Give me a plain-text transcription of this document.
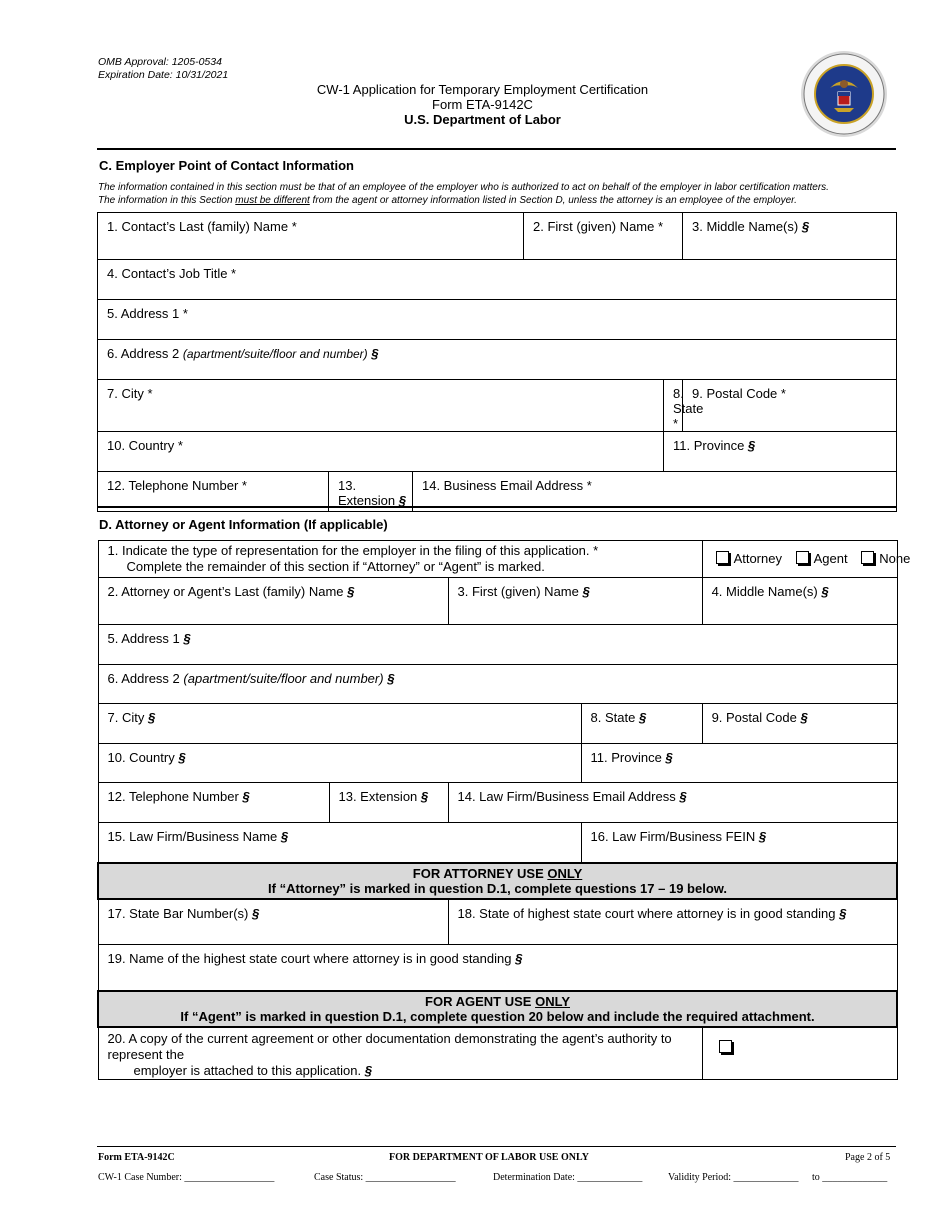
OMB Approval: 1205-0534
Expiration Date: 10/31/2021
CW-1 Application for Temporary Employment Certification
Form ETA-9142C
U.S. Department of Labor
C. Employer Point of Contact Information
The information contained in this section must be that of an employee of the employer who is authorized to act on behalf of the employer in labor certification matters.
The information in this Section must be different from the agent or attorney information listed in Section D, unless the attorney is an employee of the employer.
1. Contact’s Last (family) Name *			2. First (given) Name *		3. Middle Name(s) §
4. Contact’s Job Title *					
5. Address 1 *					
6. Address 2 (apartment/suite/floor and number) §					
7. City *				8. State *	9. Postal Code *
10. Country *				11. Province §	
12. Telephone Number *	13. Extension §	14. Business Email Address *			
D. Attorney or Agent Information (If applicable)
1. Indicate the type of representation for the employer in the filing of this application. *
Complete the remainder of this section if “Attorney” or “Agent” is marked.				Attorney Agent None
2. Attorney or Agent’s Last (family) Name §		3. First (given) Name §		4. Middle Name(s) §
5. Address 1 §				
6. Address 2 (apartment/suite/floor and number) §				
7. City §			8. State §	9. Postal Code §
10. Country §			11. Province §	
12. Telephone Number §	13. Extension §	14. Law Firm/Business Email Address §		
15. Law Firm/Business Name §			16. Law Firm/Business FEIN §	

FOR ATTORNEY USE ONLY
If “Attorney” is marked in question D.1, complete questions 17 – 19 below.				

17. State Bar Number(s) §		18. State of highest state court where attorney is in good standing §		
19. Name of the highest state court where attorney is in good standing §				

FOR AGENT USE ONLY
If “Agent” is marked in question D.1, complete question 20 below and include the required attachment.				

20. A copy of the current agreement or other documentation demonstrating the agent’s authority to represent the
employer is attached to this application. §				

Form ETA-9142C	FOR DEPARTMENT OF LABOR USE ONLY	Page 2 of 5
CW-1 Case Number: __________________	Case Status: __________________	Determination Date: _____________	Validity Period: _____________ to _____________
